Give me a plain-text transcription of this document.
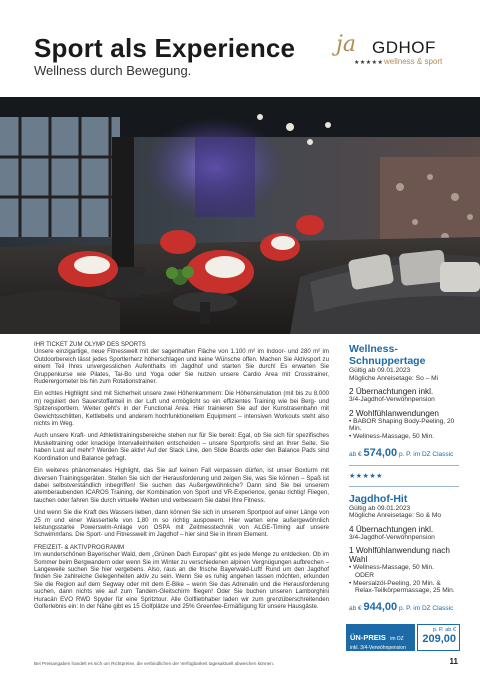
Sport als Experience
Wellness durch Bewegung.
ja GDHOF
★★★★★ wellness & sport

IHR TICKET ZUM OLYMP DES SPORTS
Unsere einzigartige, neue Fitnesswelt mit der sagenhaften Fläche von 1.100 m² im Indoor- und 280 m² im Outdoorbereich lässt jedes Sportlerherz höherschlagen und keine Wünsche offen. Machen Sie Aktivsport zu einem Teil Ihres unvergesslichen Aufenthalts im Jagdhof und starten Sie durch! Es erwarten Sie Gruppenkurse wie Pilates, Tai-Bo und Yoga oder Sie nutzen unsere Cardio Area mit Crosstrainer, Ruderergometer bis hin zum Rotationstrainer.

Ein echtes Highlight sind mit Sicherheit unsere zwei Höhenkammern: Die Höhensimulation (mit bis zu 8.000 m) reguliert den Sauerstoffanteil in der Luft und ermöglicht so ein effizientes Training wie bei Berg- und Spitzensportlern. Weiter geht's in der Functional Area. Hier trainieren Sie auf der Kunstrasenbahn mit Gewichtsschlitten, Kettlebells und anderem hochfunktionellem Equipment – intensiven Workouts steht also nichts im Weg.

Auch unsere Kraft- und Athletiktrainingsbereiche stehen nur für Sie bereit: Egal, ob Sie sich für spezifisches Muskeltraining oder knackige Intervalleinheiten entscheiden – unsere Sportprofis sind an Ihrer Seite. Sie haben Lust auf mehr? Werden Sie aktiv! Auf der Slack Line, den Slide Boards oder den Balance Pads sind Koordination und Balance gefragt.

Ein weiteres phänomenales Highlight, das Sie auf keinen Fall verpassen dürfen, ist unser Boxturm mit diversen Trainingsgeräten. Stellen Sie sich der Herausforderung und zeigen Sie, was Sie können – Spaß ist dabei selbstverständlich inbegriffen! Sie suchen das Außergewöhnliche? Dann sind Sie bei unserem atemberaubenden ICAROS Training, der Kombination von Sport und VR-Experience, genau richtig! Fliegen, tauchen oder fahren Sie durch virtuelle Welten und verbessern Sie dabei Ihre Fitness.

Und wenn Sie die Kraft des Wassers lieben, dann können Sie sich in unserem Sportpool auf einer Länge von 25 m und einer Wassertiefe von 1,80 m so richtig auspowern. Hier warten eine außergewöhnlich leistungsstarke Powerswim-Anlage von OSPA mit Zeitmesstechnik von ALGE-Timing auf unsere Schwimmfans. Die Sport- und Fitnesswelt im Jagdhof – hier sind Sie in Ihrem Element.

FREIZEIT- & AKTIVPROGRAMM
Im wunderschönen Bayerischer Wald, dem „Grünen Dach Europas“ gibt es jede Menge zu entdecken. Ob im Sommer beim Bergwandern oder wenn Sie im Winter zu verschiedenen alpinen Vergnügungen aufbrechen – Langeweile suchen Sie hier vergebens. Also, raus an die frische Bayerwald-Luft! Rund um den Jagdhof finden Sie zahlreiche Gelegenheiten aktiv zu sein. Wenn Sie es ruhig angehen lassen möchten, erkunden Sie die Region auf dem Segway oder mit dem E-Bike – wenn Sie das Adrenalin und die Herausforderung suchen, dann nichts wie auf zum Tandem-Gleitschirm fliegen! Oder Sie buchen unseren Lamborghini Huracán EVO RWD Spyder für eine Spritztour. Alle Golfliebhaber laden wir zum grenzüberschreitenden Golferlebnis ein: In der Nähe gibt es 15 Golfplätze und 25% Greenfee-Ermäßigung für unsere Hausgäste.

Wellness-Schnuppertage
Gültig ab 09.01.2023
Mögliche Anreisetage: So – Mi
2 Übernachtungen inkl.
3/4-Jagdhof-Verwöhnpension
2 Wohlfühlanwendungen
• BABOR Shaping Body-Peeling, 20 Min.
• Wellness-Massage, 50 Min.
ab € 574,00 p. P. im DZ Classic
★★★★★
Jagdhof-Hit
Gültig ab 09.01.2023
Mögliche Anreisetage: So & Mo
4 Übernachtungen inkl.
3/4-Jagdhof-Verwöhnpension
1 Wohlfühlanwendung nach Wahl
• Wellness-Massage, 50 Min.
ODER
• Meersalzöl-Peeling, 20 Min. &
Relax-Teilkörpermassage, 25 Min.
ab € 944,00 p. P. im DZ Classic
ÜN-PREIS im DZ
inkl. 3/4-Verwöhnpension
p. P. ab €
209,00
Bei Preisangaben handelt es sich um Richtpreise, die verbindlichen der Verfügbarkeit tagesaktuell abweichen können.	11
